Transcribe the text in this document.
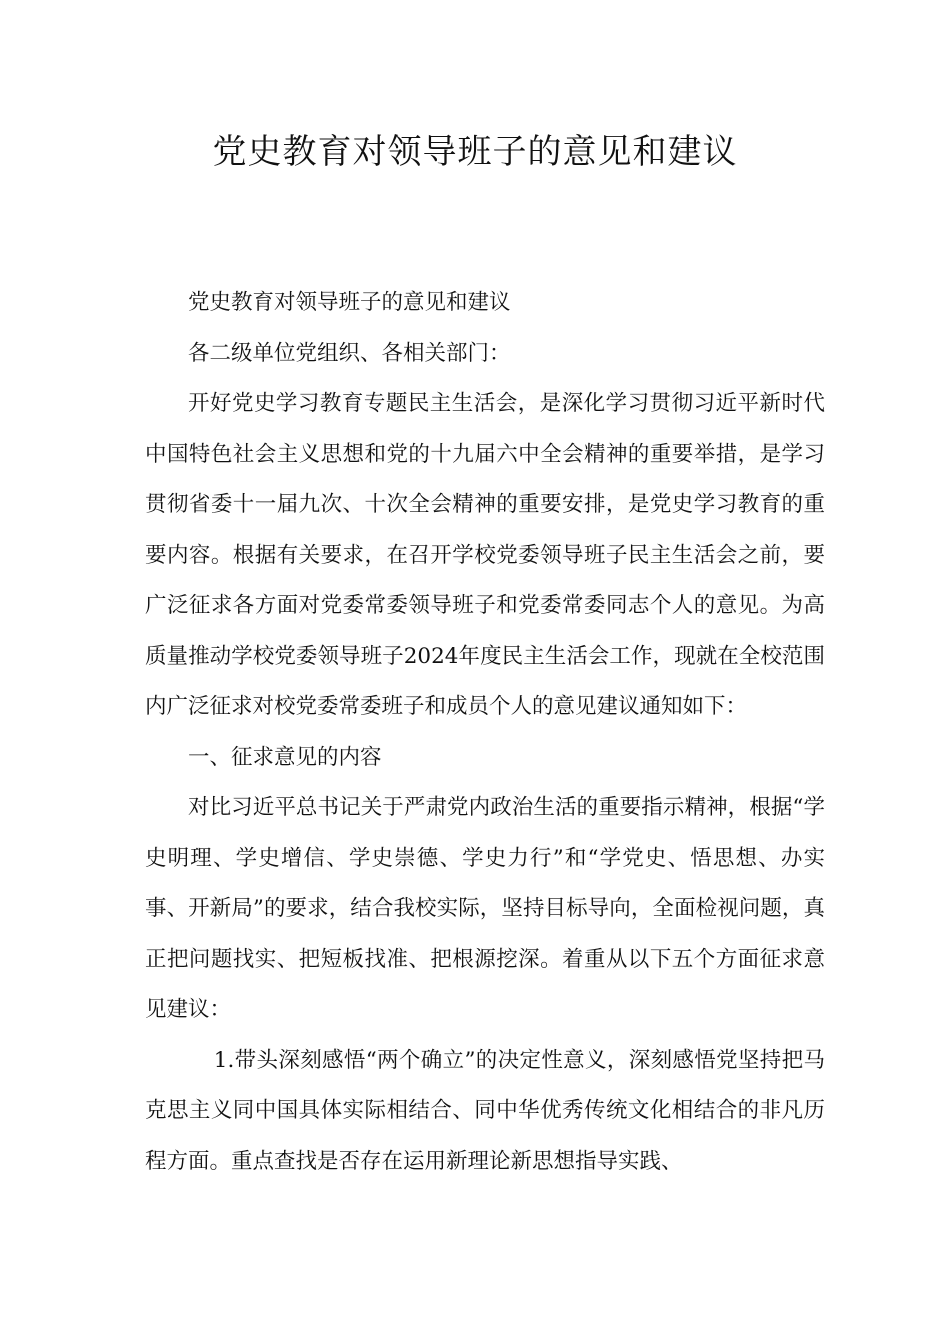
党史教育对领导班子的意见和建议

党史教育对领导班子的意见和建议

各二级单位党组织、各相关部门：

开好党史学习教育专题民主生活会，是深化学习贯彻习近平新时代中国特色社会主义思想和党的十九届六中全会精神的重要举措，是学习贯彻省委十一届九次、十次全会精神的重要安排，是党史学习教育的重要内容。根据有关要求，在召开学校党委领导班子民主生活会之前，要广泛征求各方面对党委常委领导班子和党委常委同志个人的意见。为高质量推动学校党委领导班子2024年度民主生活会工作，现就在全校范围内广泛征求对校党委常委班子和成员个人的意见建议通知如下：

一、征求意见的内容

对比习近平总书记关于严肃党内政治生活的重要指示精神，根据“学史明理、学史增信、学史崇德、学史力行”和“学党史、悟思想、办实事、开新局”的要求，结合我校实际，坚持目标导向，全面检视问题，真正把问题找实、把短板找准、把根源挖深。着重从以下五个方面征求意见建议：

1.带头深刻感悟“两个确立”的决定性意义，深刻感悟党坚持把马克思主义同中国具体实际相结合、同中华优秀传统文化相结合的非凡历程方面。重点查找是否存在运用新理论新思想指导实践、
